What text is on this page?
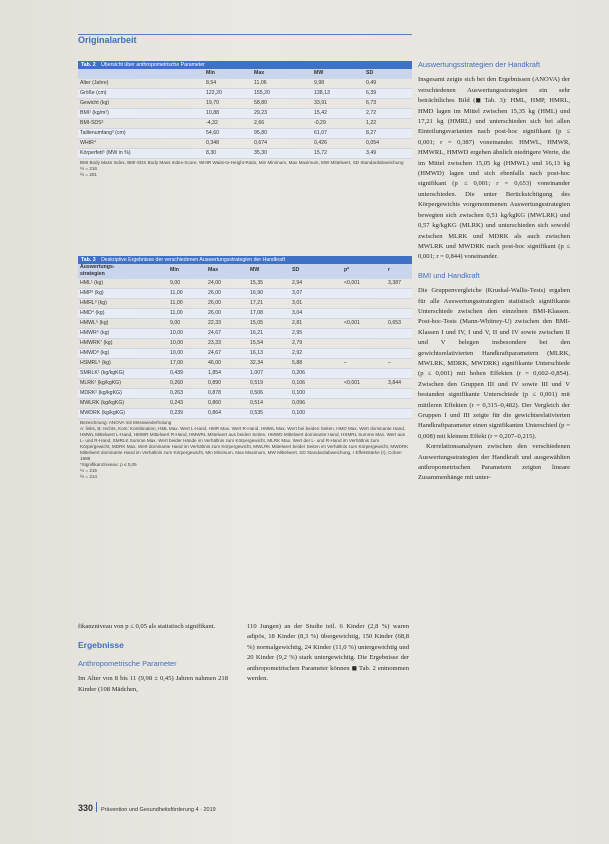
Originalarbeit
Tab. 2 Übersicht über anthropometrische Parameter
Min	Max	MW	SD
Alter (Jahre)	8,54	11,06	9,98	0,49
Größe (cm)	122,20	155,20	138,13	6,39
Gewicht (kg)	19,70	58,80	33,91	6,73
BMI¹ (kg/m²)	10,88	29,23	15,42	2,72
BMI-SDS²	-4,32	2,66	-0,29	1,22
Taillenumfang³ (cm)	54,60	95,80	61,07	8,27
WHtR⁴	0,348	0,674	0,426	0,054
Körperfett⁵ (MW in %)	8,30	35,30	15,72	3,49
BMI Body Mass Index, BMI-SDS Body Mass Index-Score, WHtR Waist-to-Height-Ratio, Min Minimum, Max Maximum, MW Mittelwert, SD Standardabweichung
¹n = 216
²n = 201
Tab. 3 Deskriptive Ergebnisse der verschiedenen Auswertungsstrategien der Handkraft
Auswertungs-strategien
Min	Max	MW	SD	p*	r
HML¹ (kg)	9,00	24,00	15,35	2,94	<0,001	3,387
HMP² (kg)	11,00	26,00	16,90	3,07
HMRL³ (kg)	11,00	26,00	17,21	3,01
HMD⁴ (kg)	11,00	26,00	17,08	3,04
HMWL⁵ (kg)	9,00	22,33	15,05	2,81	<0,001	0,653
HMWR⁶ (kg)	10,00	24,67	16,21	2,95
HMWRK⁷ (kg)	10,00	23,33	15,54	2,79
HMWD⁸ (kg)	10,00	24,67	16,13	2,92
HSMRL⁹ (kg)	17,00	46,00	32,34	5,88	–	–
SMRLK¹ (kg/kgKG)	0,439	1,854	1,007	0,206
MLRK¹ (kg/kgKG)	0,260	0,890	0,519	0,106	<0,001	3,844
MDRK² (kg/kgKG)	0,263	0,878	0,506	0,100
MWLRK (kg/kgKG)	0,243	0,860	0,514	0,096
MWDRK (kg/kgKG)	0,239	0,864	0,535	0,100
Bezeichnung: ANOVA mit Messwiederholung
A: links, B: rechts, Kom: Kombination, HML Max. Wert L-Hand, HMR Max. Wert R-Hand, HMWL Max. Wert bei beiden Seiten, HMD Max. Wert dominante Hand, HMWL Mittelwert L-Hand, HMWR Mittelwert R-Hand, HMWRL Mittelwert aus beiden Seiten, HMWD Mittelwert dominante Hand, HSMRL Summe Max. Wert aus L- und R-Hand, SMRLK Summe Max. Wert beider Hände im Verhältnis zum Körpergewicht, MLRK Max. Wert der L- und R-Hand im Verhältnis zum Körpergewicht, MDRK Max. Wert dominante Hand im Verhältnis zum Körpergewicht, MWLRK Mittelwert beider Seiten im Verhältnis zum Körpergewicht, MWDRK Mittelwert dominante Hand im Verhältnis zum Körpergewicht, Min Minimum, Max Maximum, MW Mittelwert, SD Standardabweichung, r Effektstärke (r), Cohen 1988
*Signifikanzniveau: p ≤ 0,05
¹n = 215
²n = 214

fikanzniveau von p ≤ 0,05 als statistisch signifikant.

Ergebnisse
Anthropometrische Parameter

Im Alter von 8 bis 11 (9,98 ± 0,45) Jahren nahmen 218 Kinder (108 Mädchen,

110 Jungen) an der Studie teil. 6 Kinder (2,8 %) waren adipös, 18 Kinder (8,3 %) übergewichtig, 150 Kinder (68,8 %) normalgewichtig, 24 Kinder (11,0 %) untergewichtig und 20 Kinder (9,2 %) stark untergewichtig. Die Ergebnisse der anthropometrischen Parameter können ◼ Tab. 2 entnommen werden.

Auswertungsstrategien der Handkraft

Insgesamt zeigte sich bei den Ergebnissen (ANOVA) der verschiedenen Auswertungsstrategien ein sehr beträchtliches Bild (◼ Tab. 3): HML, HMP, HMRL, HMD lagen im Mittel zwischen 15,35 kg (HML) und 17,21 kg (HMRL) und unterschieden sich bei allen Einteilungsvarianten nach post-hoc signifikant (p ≤ 0,001; r = 0,387) voneinander. HMWL, HMWR, HMWRL, HMWD ergeben ähnlich niedrigere Werte, die im Mittel zwischen 15,05 kg (HMWL) und 16,13 kg (HMWD) lagen und sich ebenfalls nach post-hoc signifikant (p ≤ 0,001; r = 0,653) voneinander unterschieden. Die unter Berücksichtigung des Körpergewichts vorgenommenen Auswertungsstrategien bewegten sich zwischen 0,51 kg/kgKG (MWLRK) und 0,57 kg/kgKG (MLRK) und unterschieden sich sowohl zwischen MLRK und MDRK als auch zwischen MWLRK und MWDRK nach post-hoc signifikant (p ≤ 0,001; r = 0,844) voneinander.

BMI und Handkraft

Die Gruppenvergleiche (Kruskal-Wallis-Tests) ergaben für alle Auswertungsstrategien statistisch signifikante Unterschiede zwischen den einzelnen BMI-Klassen. Post-hoc-Tests (Mann-Whitney-U) zwischen den BMI-Klassen I und IV, I und V, II und IV sowie zwischen II und V belegen insbesondere bei den gewichtsrelativierten Handkraftparametern (MLRK, MWLRK, MDRK, MWDRK) signifikante Unterschiede (p ≤ 0,001) mit hohen Effekten (r = 0,602–0,854). Zwischen den Gruppen III und IV sowie III und V bestanden signifikante Unterschiede (p ≤ 0,001) mit mittleren Effekten (r = 0,315–0,482). Der Vergleich der Gruppen I und III zeigte für die gewichtsrelativierten Handkraftparameter einen signifikanten Unterschied (p = 0,008) mit kleinem Effekt (r = 0,207–0,215).

Korrelationsanalysen zwischen den verschiedenen Auswertungsstrategien der Handkraft und ausgewählten anthropometrischen Parametern zeigten lineare Zusammenhänge mit unter-

330 Prävention und Gesundheitsförderung 4 · 2019
